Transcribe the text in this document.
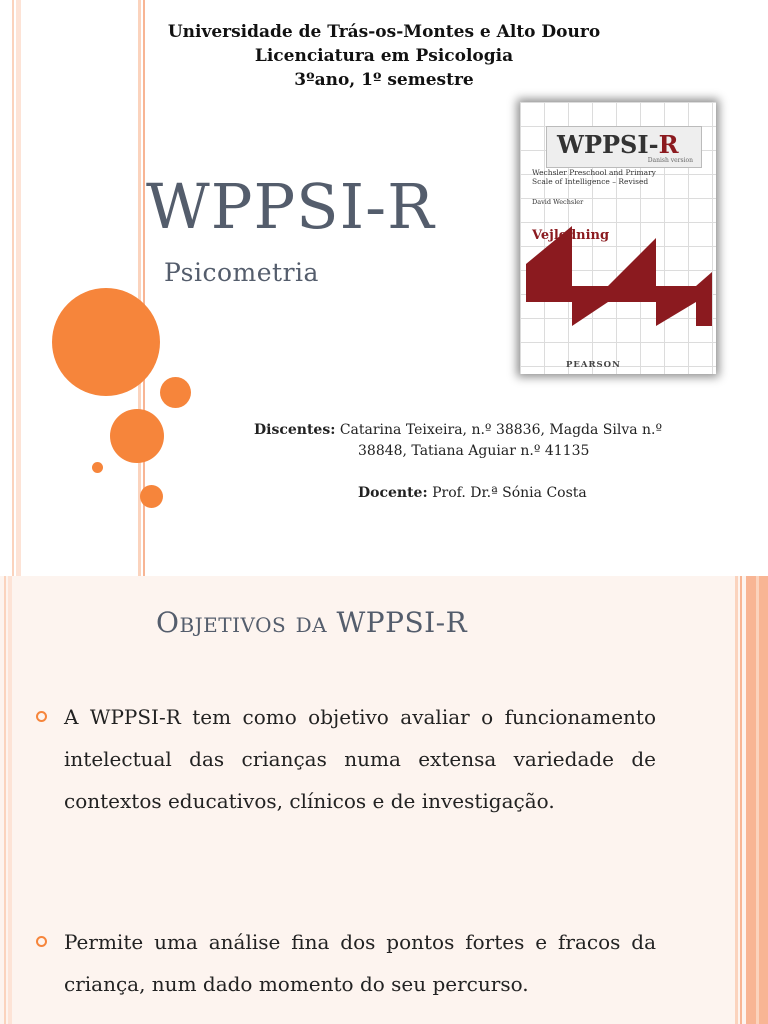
Universidade de Trás-os-Montes e Alto Douro
Licenciatura em Psicologia
3ºano, 1º semestre
WPPSI-R
Psicometria
WPPSI-R
Danish version
Wechsler Preschool and Primary
Scale of Intelligence – Revised
David Wechsler
Vejledning
PEARSON
Discentes: Catarina Teixeira, n.º 38836, Magda Silva n.º
38848, Tatiana Aguiar n.º 41135
Docente: Prof. Dr.ª Sónia Costa
Objetivos da WPPSI-R
A WPPSI-R tem como objetivo avaliar o funcionamento intelectual das crianças numa extensa variedade de contextos educativos, clínicos e de investigação.
Permite uma análise fina dos pontos fortes e fracos da criança, num dado momento do seu percurso.
